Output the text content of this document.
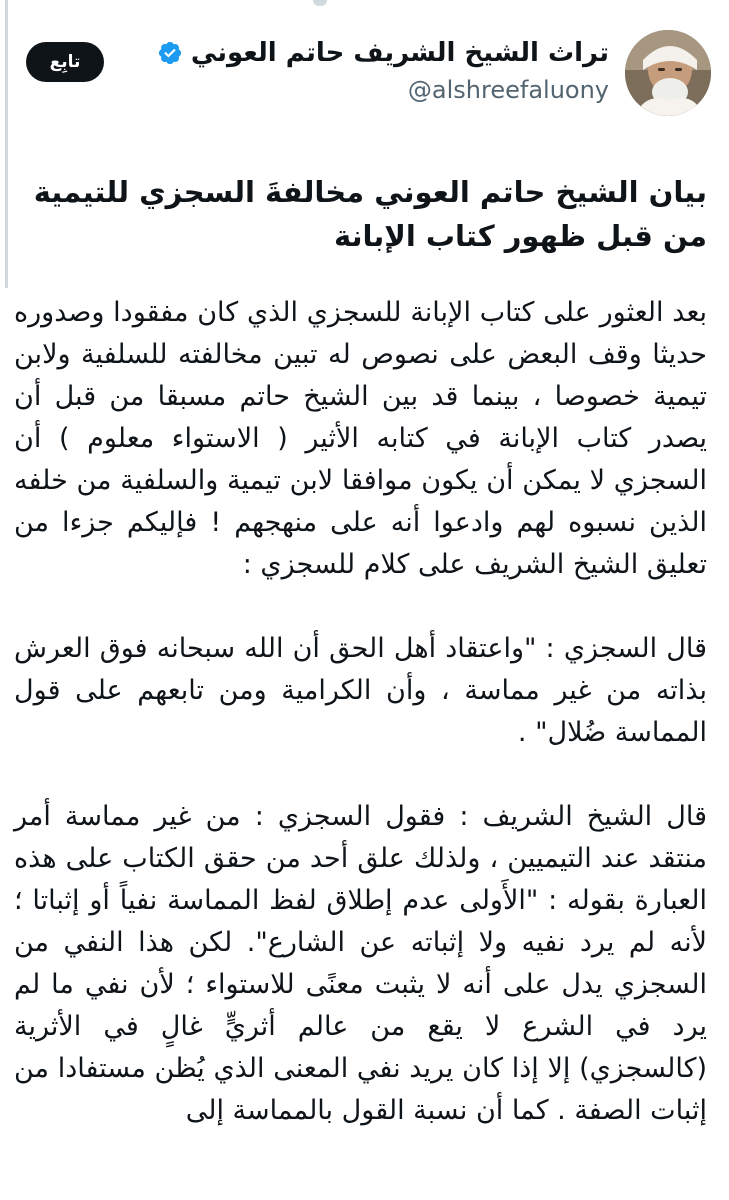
تراث الشيخ الشريف حاتم العوني
@alshreefaluony
تابِع
بيان الشيخ حاتم العوني مخالفةَ السجزي للتيمية من قبل ظهور كتاب الإبانة

بعد العثور على كتاب الإبانة للسجزي الذي كان مفقودا وصدوره حديثا وقف البعض على نصوص له تبين مخالفته للسلفية ولابن تيمية خصوصا ، بينما قد بين الشيخ حاتم مسبقا من قبل أن يصدر كتاب الإبانة في كتابه الأثير ( الاستواء معلوم ) أن السجزي لا يمكن أن يكون موافقا لابن تيمية والسلفية من خلفه الذين نسبوه لهم وادعوا أنه على منهجهم ! فإليكم جزءا من تعليق الشيخ الشريف على كلام للسجزي :

قال السجزي : "واعتقاد أهل الحق أن الله سبحانه فوق العرش بذاته من غير مماسة ، وأن الكرامية ومن تابعهم على قول المماسة ضُلال" .

قال الشيخ الشريف : فقول السجزي : من غير مماسة أمر منتقد عند التيميين ، ولذلك علق أحد من حقق الكتاب على هذه العبارة بقوله : "الأَولى عدم إطلاق لفظ المماسة نفياً أو إثباتا ؛ لأنه لم يرد نفيه ولا إثباته عن الشارع". لكن هذا النفي من السجزي يدل على أنه لا يثبت معنًى للاستواء ؛ لأن نفي ما لم يرد في الشرع لا يقع من عالم أثريٍّ غالٍ في الأثرية (كالسجزي) إلا إذا كان يريد نفي المعنى الذي يُظن مستفادا من إثبات الصفة . كما أن نسبة القول بالمماسة إلى
